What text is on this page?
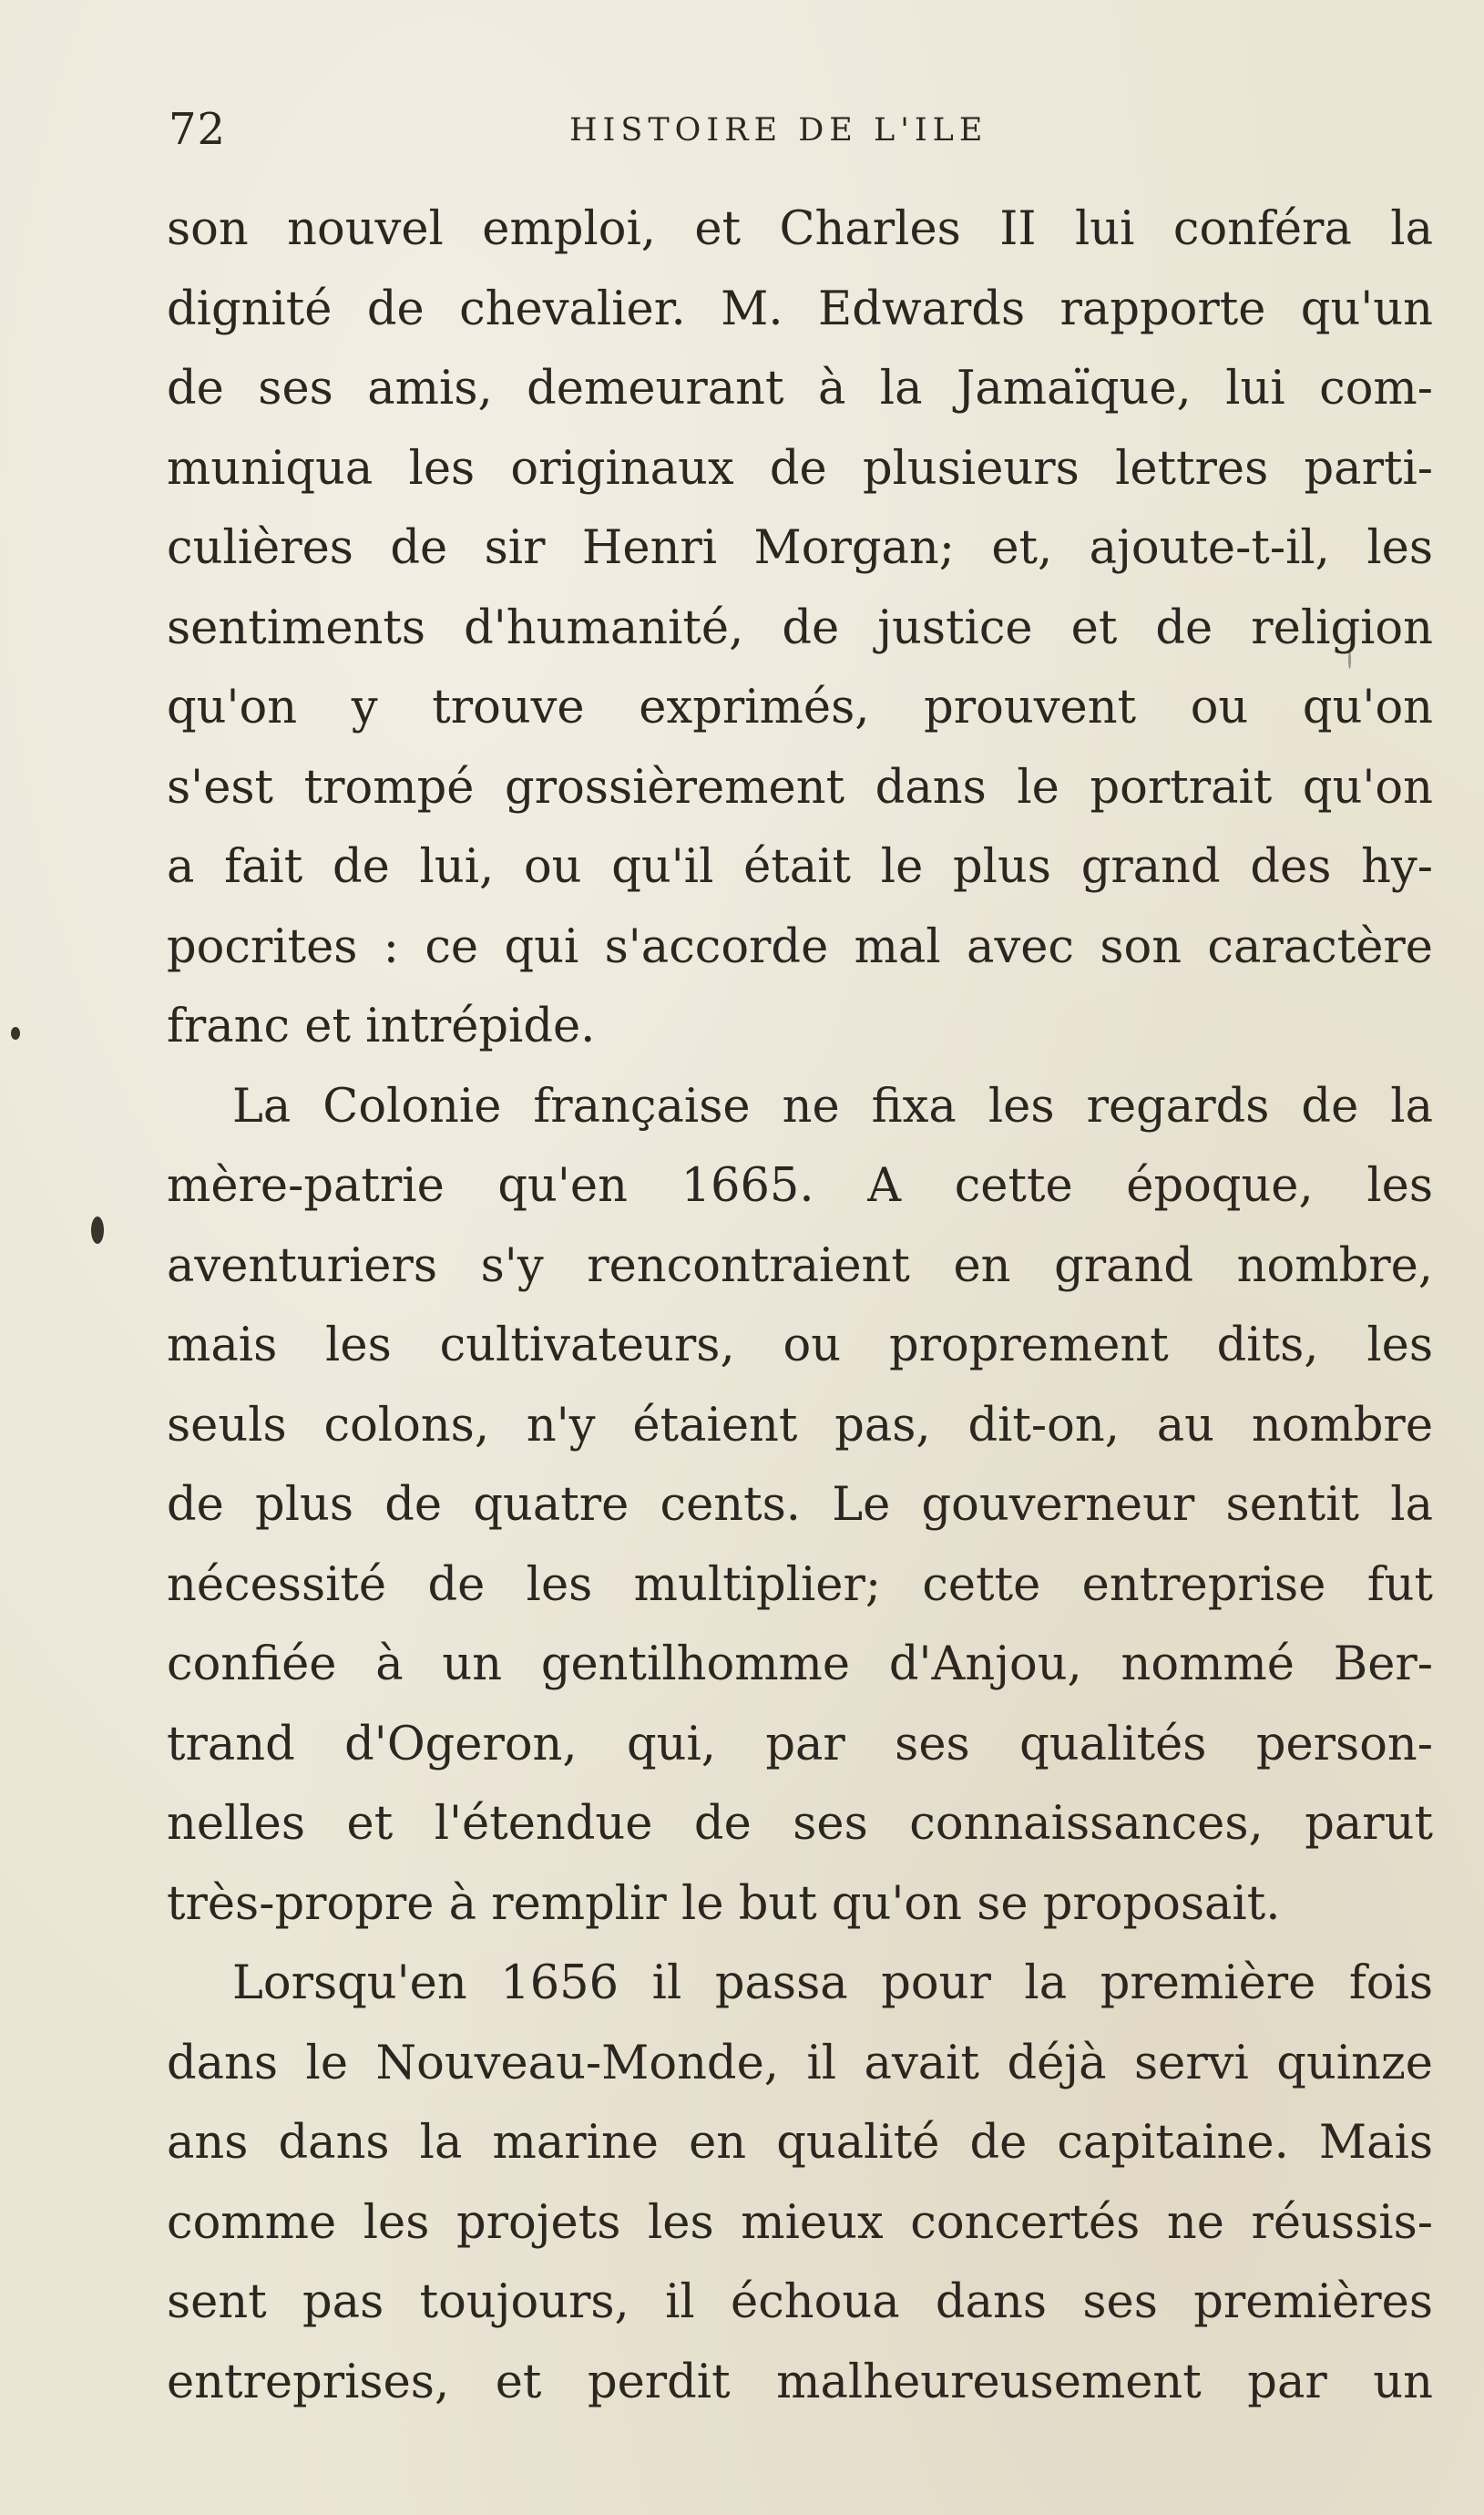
72	HISTOIRE DE L'ILE
son nouvel emploi, et Charles II lui conféra la
dignité de chevalier. M. Edwards rapporte qu'un
de ses amis, demeurant à la Jamaïque, lui com-
muniqua les originaux de plusieurs lettres parti-
culières de sir Henri Morgan; et, ajoute-t-il, les
sentiments d'humanité, de justice et de religion
qu'on y trouve exprimés, prouvent ou qu'on
s'est trompé grossièrement dans le portrait qu'on
a fait de lui, ou qu'il était le plus grand des hy-
pocrites : ce qui s'accorde mal avec son caractère
franc et intrépide.
La Colonie française ne fixa les regards de la
mère-patrie qu'en 1665. A cette époque, les
aventuriers s'y rencontraient en grand nombre,
mais les cultivateurs, ou proprement dits, les
seuls colons, n'y étaient pas, dit-on, au nombre
de plus de quatre cents. Le gouverneur sentit la
nécessité de les multiplier; cette entreprise fut
confiée à un gentilhomme d'Anjou, nommé Ber-
trand d'Ogeron, qui, par ses qualités person-
nelles et l'étendue de ses connaissances, parut
très-propre à remplir le but qu'on se proposait.
Lorsqu'en 1656 il passa pour la première fois
dans le Nouveau-Monde, il avait déjà servi quinze
ans dans la marine en qualité de capitaine. Mais
comme les projets les mieux concertés ne réussis-
sent pas toujours, il échoua dans ses premières
entreprises, et perdit malheureusement par un
